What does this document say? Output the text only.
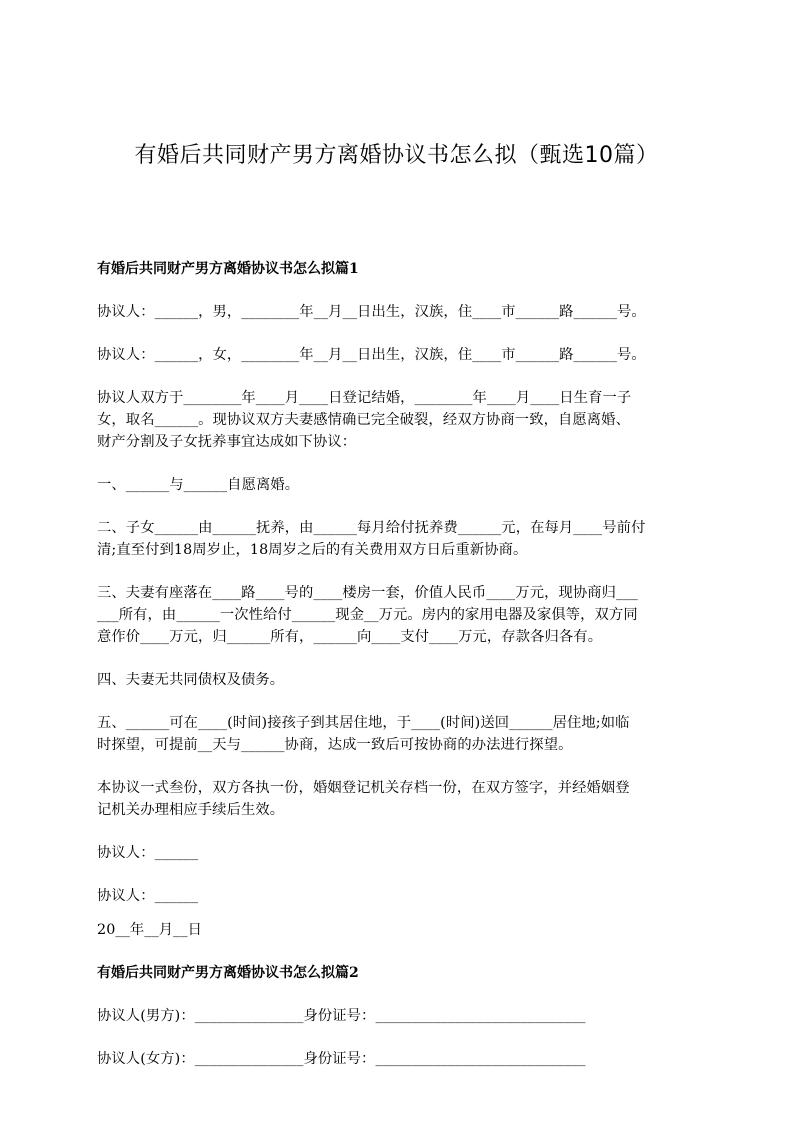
有婚后共同财产男方离婚协议书怎么拟（甄选10篇）

有婚后共同财产男方离婚协议书怎么拟篇1

协议人：______，男，________年__月__日出生，汉族，住____市______路______号。

协议人：______，女，________年__月__日出生，汉族，住____市______路______号。

协议人双方于________年____月____日登记结婚，________年____月____日生育一子

女，取名______。现协议双方夫妻感情确已完全破裂，经双方协商一致，自愿离婚、

财产分割及子女抚养事宜达成如下协议：

一、______与______自愿离婚。

二、子女______由______抚养，由______每月给付抚养费______元，在每月____号前付

清;直至付到18周岁止，18周岁之后的有关费用双方日后重新协商。

三、夫妻有座落在____路____号的____楼房一套，价值人民币____万元，现协商归___

___所有，由______一次性给付______现金__万元。房内的家用电器及家俱等，双方同

意作价____万元，归______所有，______向____支付____万元，存款各归各有。

四、夫妻无共同债权及债务。

五、______可在____(时间)接孩子到其居住地，于____(时间)送回______居住地;如临

时探望，可提前__天与______协商，达成一致后可按协商的办法进行探望。

本协议一式叁份，双方各执一份，婚姻登记机关存档一份，在双方签字，并经婚姻登

记机关办理相应手续后生效。

协议人：______

协议人：______

20__年__月__日

有婚后共同财产男方离婚协议书怎么拟篇2

协议人(男方)：_______________身份证号：_____________________________

协议人(女方)：_______________身份证号：_____________________________
